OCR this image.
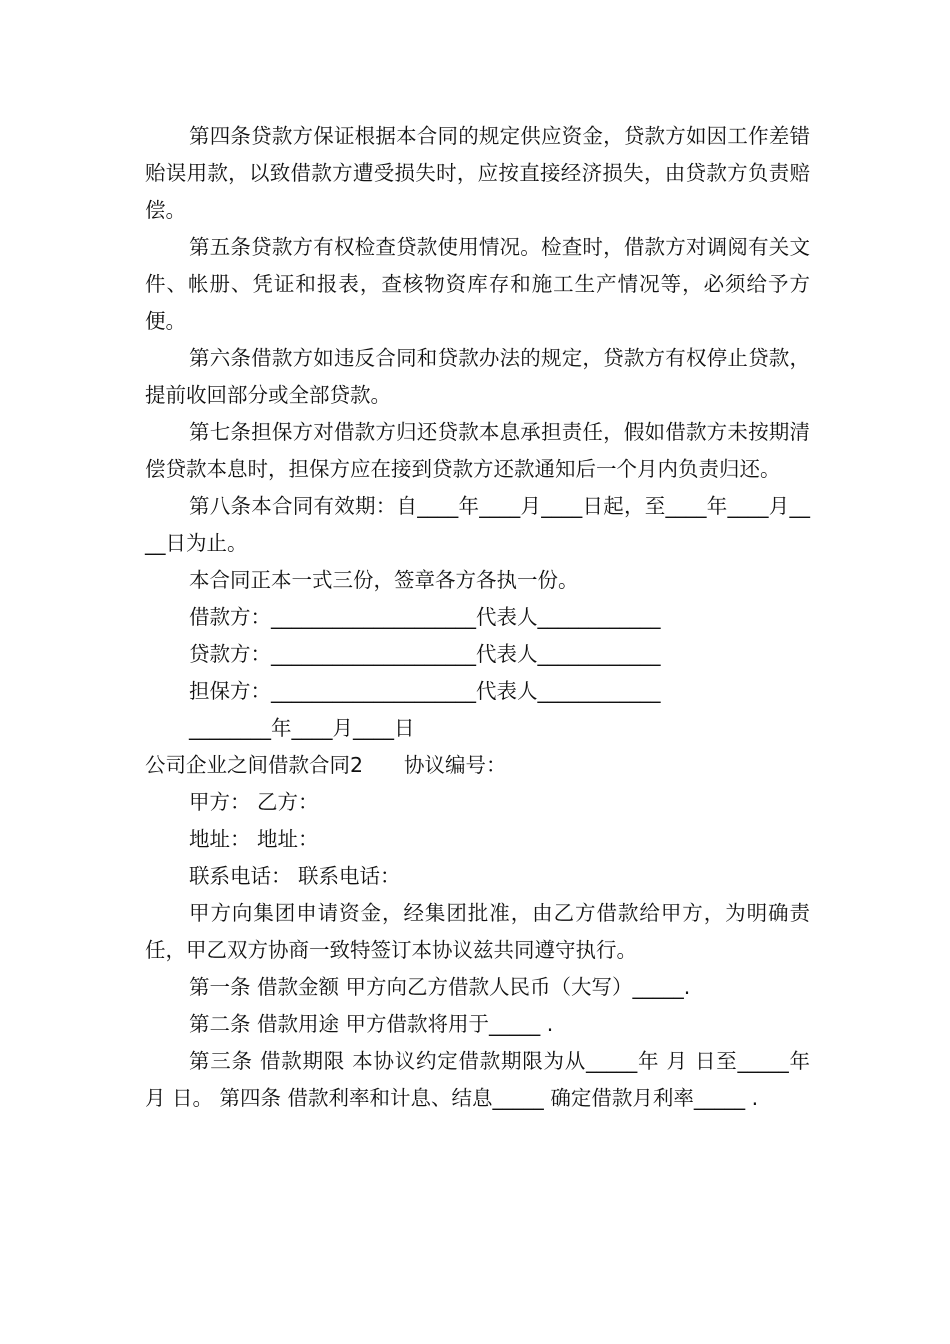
第四条贷款方保证根据本合同的规定供应资金，贷款方如因工作差错贻误用款，以致借款方遭受损失时，应按直接经济损失，由贷款方负责赔偿。

第五条贷款方有权检查贷款使用情况。检查时，借款方对调阅有关文件、帐册、凭证和报表，查核物资库存和施工生产情况等，必须给予方便。

第六条借款方如违反合同和贷款办法的规定，贷款方有权停止贷款，提前收回部分或全部贷款。

第七条担保方对借款方归还贷款本息承担责任，假如借款方未按期清偿贷款本息时，担保方应在接到贷款方还款通知后一个月内负责归还。

第八条本合同有效期：自____年____月____日起，至____年____月____日为止。

本合同正本一式三份，签章各方各执一份。

借款方：____________________代表人____________

贷款方：____________________代表人____________

担保方：____________________代表人____________

________年____月____日

公司企业之间借款合同2　　协议编号：

甲方： 乙方：

地址： 地址：

联系电话： 联系电话：

甲方向集团申请资金，经集团批准，由乙方借款给甲方，为明确责任，甲乙双方协商一致特签订本协议兹共同遵守执行。

第一条 借款金额 甲方向乙方借款人民币（大写）_____.

第二条 借款用途 甲方借款将用于_____ .

第三条 借款期限 本协议约定借款期限为从_____年 月 日至_____年 月 日。 第四条 借款利率和计息、结息_____ 确定借款月利率_____ .
